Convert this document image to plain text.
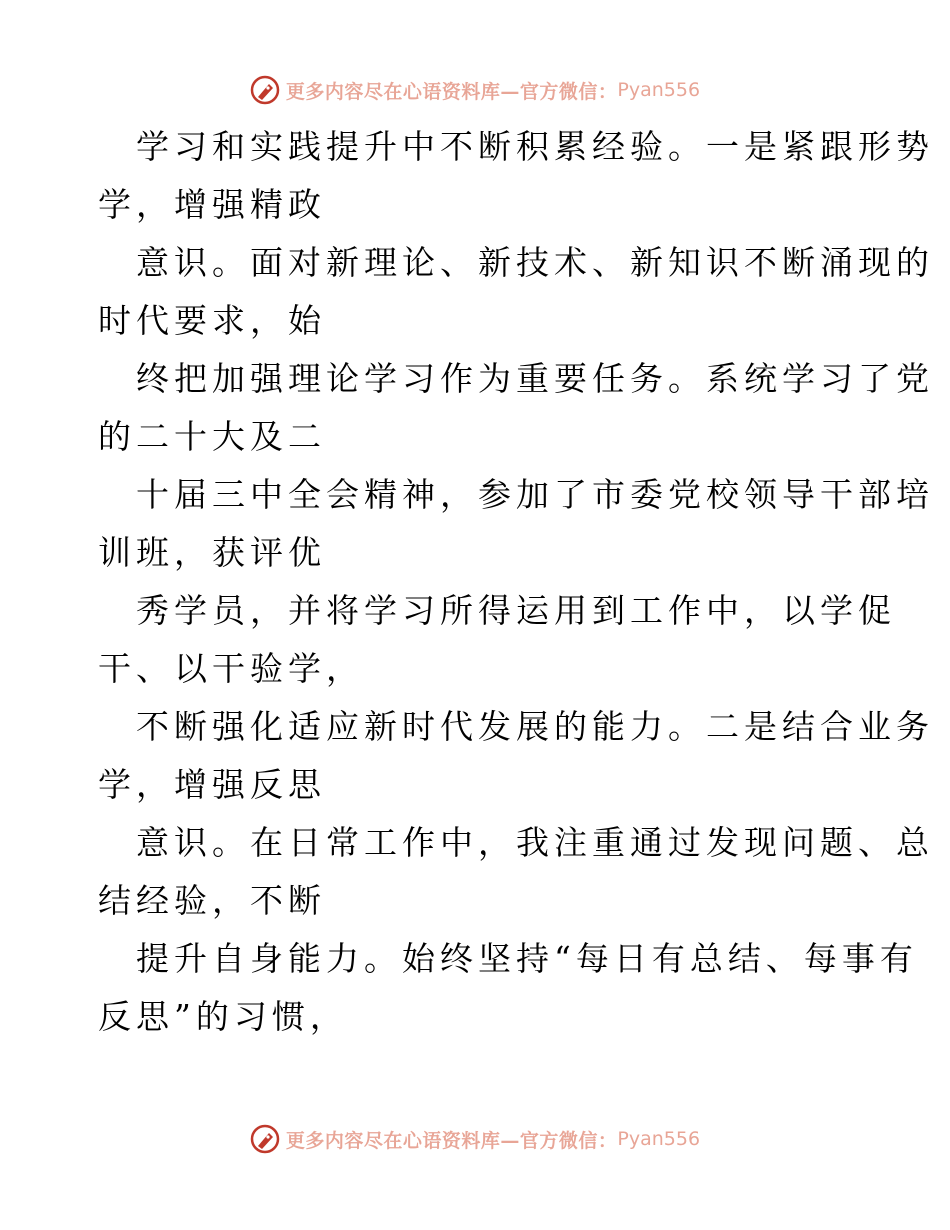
更多内容尽在心语资料库—官方微信： Pyan556
学习和实践提升中不断积累经验。一是紧跟形势
学，增强精政
意识。面对新理论、新技术、新知识不断涌现的
时代要求，始
终把加强理论学习作为重要任务。系统学习了党
的二十大及二
十届三中全会精神，参加了市委党校领导干部培
训班，获评优
秀学员，并将学习所得运用到工作中，以学促
干、以干验学，
不断强化适应新时代发展的能力。二是结合业务
学，增强反思
意识。在日常工作中，我注重通过发现问题、总
结经验，不断
提升自身能力。始终坚持“每日有总结、每事有
反思”的习惯，
更多内容尽在心语资料库—官方微信： Pyan556
